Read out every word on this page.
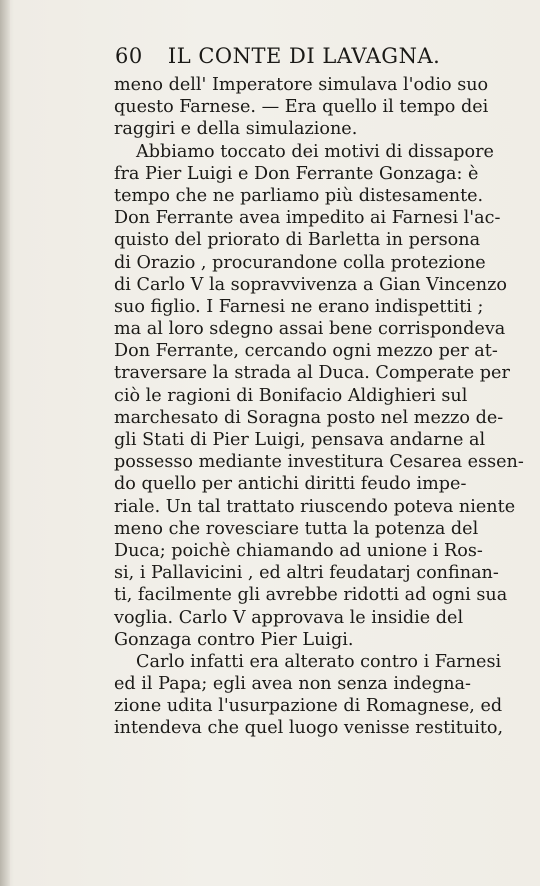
60 IL CONTE DI LAVAGNA.
meno dell' Imperatore simulava l'odio suo
questo Farnese. — Era quello il tempo dei
raggiri e della simulazione.
Abbiamo toccato dei motivi di dissapore
fra Pier Luigi e Don Ferrante Gonzaga: è
tempo che ne parliamo più distesamente.
Don Ferrante avea impedito ai Farnesi l'ac-
quisto del priorato di Barletta in persona
di Orazio , procurandone colla protezione
di Carlo V la sopravvivenza a Gian Vincenzo
suo figlio. I Farnesi ne erano indispettiti ;
ma al loro sdegno assai bene corrispondeva
Don Ferrante, cercando ogni mezzo per at-
traversare la strada al Duca. Comperate per
ciò le ragioni di Bonifacio Aldighieri sul
marchesato di Soragna posto nel mezzo de-
gli Stati di Pier Luigi, pensava andarne al
possesso mediante investitura Cesarea essen-
do quello per antichi diritti feudo impe-
riale. Un tal trattato riuscendo poteva niente
meno che rovesciare tutta la potenza del
Duca; poichè chiamando ad unione i Ros-
si, i Pallavicini , ed altri feudatarj confinan-
ti, facilmente gli avrebbe ridotti ad ogni sua
voglia. Carlo V approvava le insidie del
Gonzaga contro Pier Luigi.
Carlo infatti era alterato contro i Farnesi
ed il Papa; egli avea non senza indegna-
zione udita l'usurpazione di Romagnese, ed
intendeva che quel luogo venisse restituito,
